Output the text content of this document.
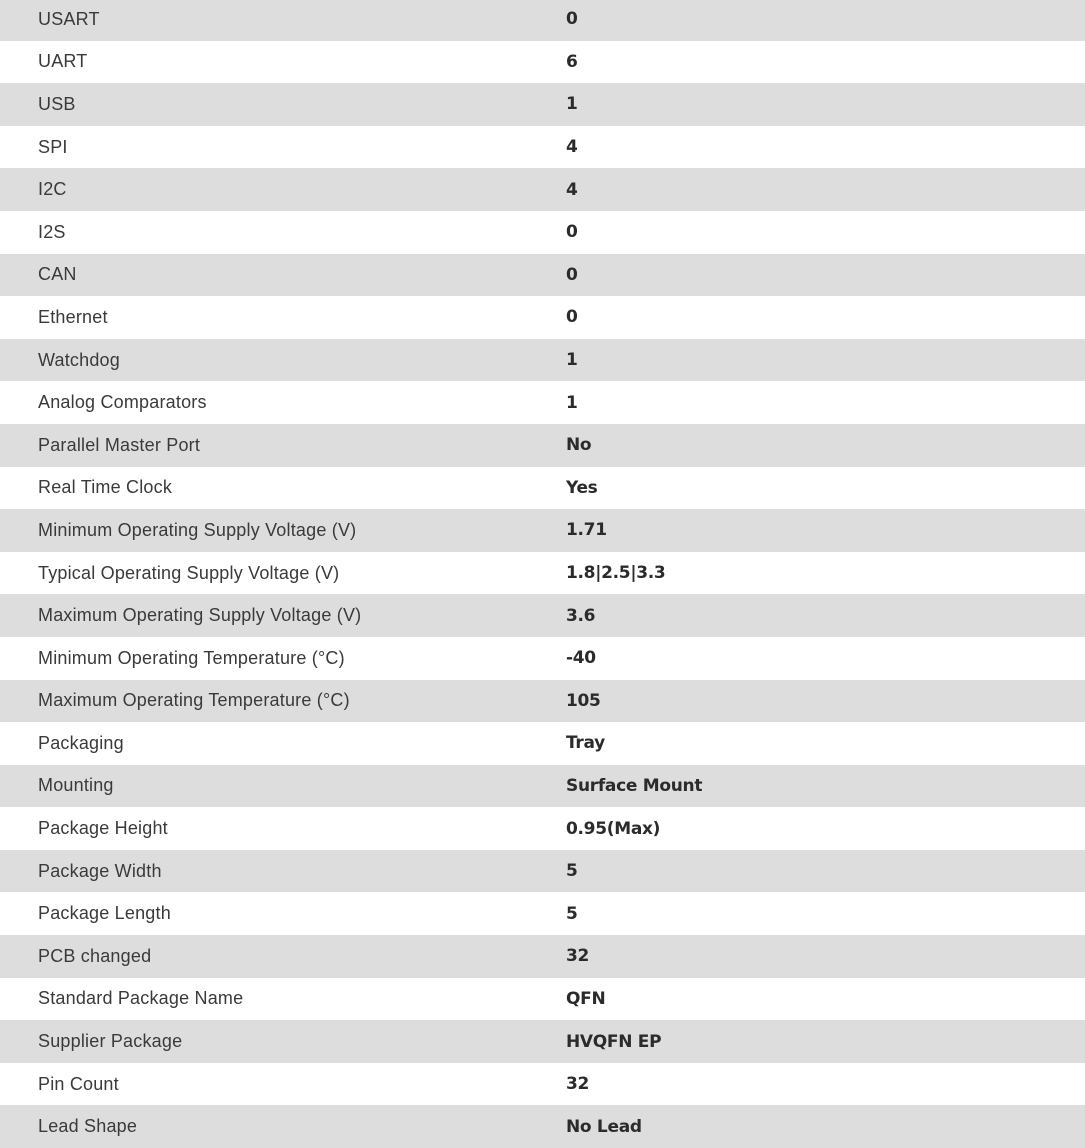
USART	0
UART	6
USB	1
SPI	4
I2C	4
I2S	0
CAN	0
Ethernet	0
Watchdog	1
Analog Comparators	1
Parallel Master Port	No
Real Time Clock	Yes
Minimum Operating Supply Voltage (V)	1.71
Typical Operating Supply Voltage (V)	1.8|2.5|3.3
Maximum Operating Supply Voltage (V)	3.6
Minimum Operating Temperature (°C)	-40
Maximum Operating Temperature (°C)	105
Packaging	Tray
Mounting	Surface Mount
Package Height	0.95(Max)
Package Width	5
Package Length	5
PCB changed	32
Standard Package Name	QFN
Supplier Package	HVQFN EP
Pin Count	32
Lead Shape	No Lead
